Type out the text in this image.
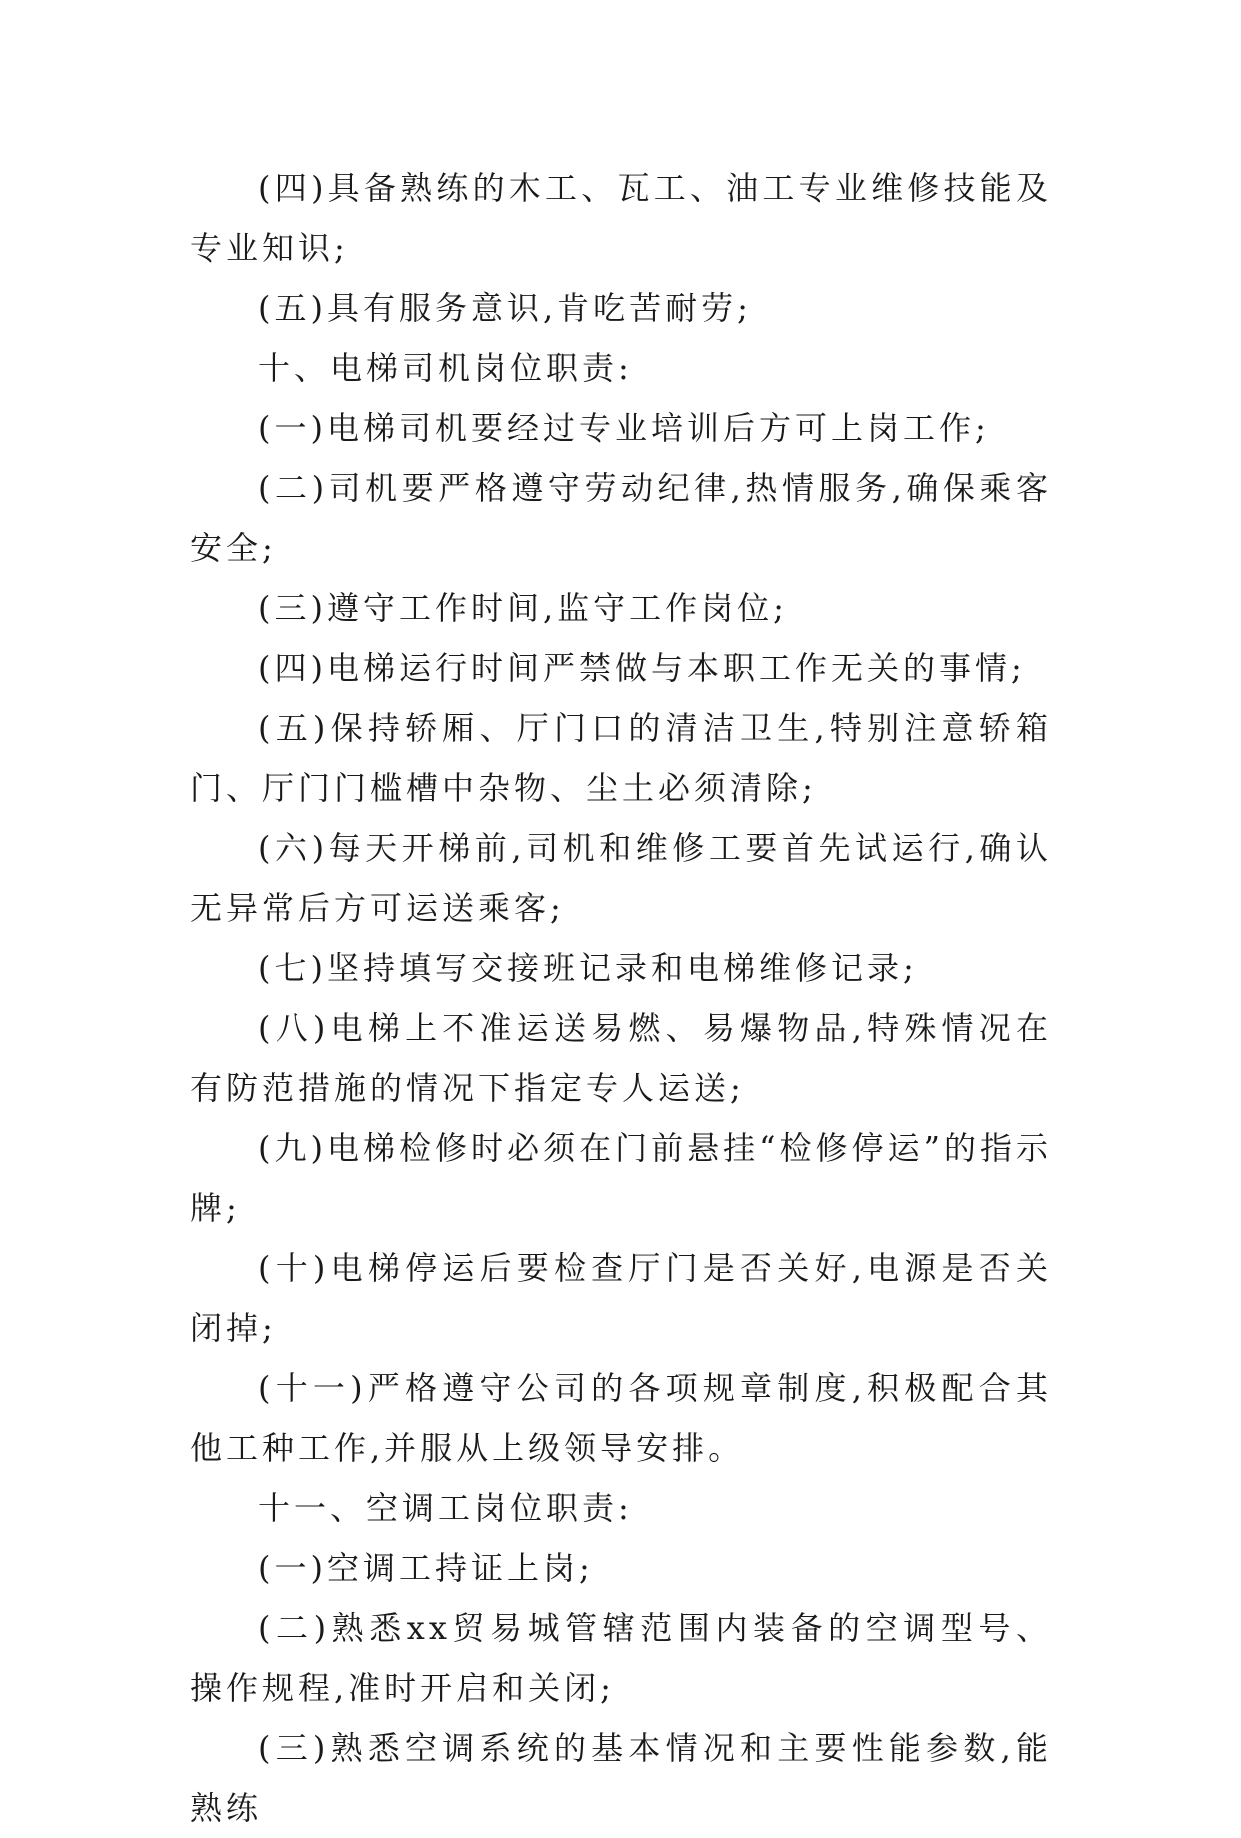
(四)具备熟练的木工、瓦工、油工专业维修技能及专业知识;

(五)具有服务意识,肯吃苦耐劳;

十、电梯司机岗位职责:

(一)电梯司机要经过专业培训后方可上岗工作;

(二)司机要严格遵守劳动纪律,热情服务,确保乘客安全;

(三)遵守工作时间,监守工作岗位;

(四)电梯运行时间严禁做与本职工作无关的事情;

(五)保持轿厢、厅门口的清洁卫生,特别注意轿箱门、厅门门槛槽中杂物、尘土必须清除;

(六)每天开梯前,司机和维修工要首先试运行,确认无异常后方可运送乘客;

(七)坚持填写交接班记录和电梯维修记录;

(八)电梯上不准运送易燃、易爆物品,特殊情况在有防范措施的情况下指定专人运送;

(九)电梯检修时必须在门前悬挂“检修停运”的指示牌;

(十)电梯停运后要检查厅门是否关好,电源是否关闭掉;

(十一)严格遵守公司的各项规章制度,积极配合其他工种工作,并服从上级领导安排。

十一、空调工岗位职责:

(一)空调工持证上岗;

(二)熟悉xx贸易城管辖范围内装备的空调型号、操作规程,准时开启和关闭;

(三)熟悉空调系统的基本情况和主要性能参数,能熟练
